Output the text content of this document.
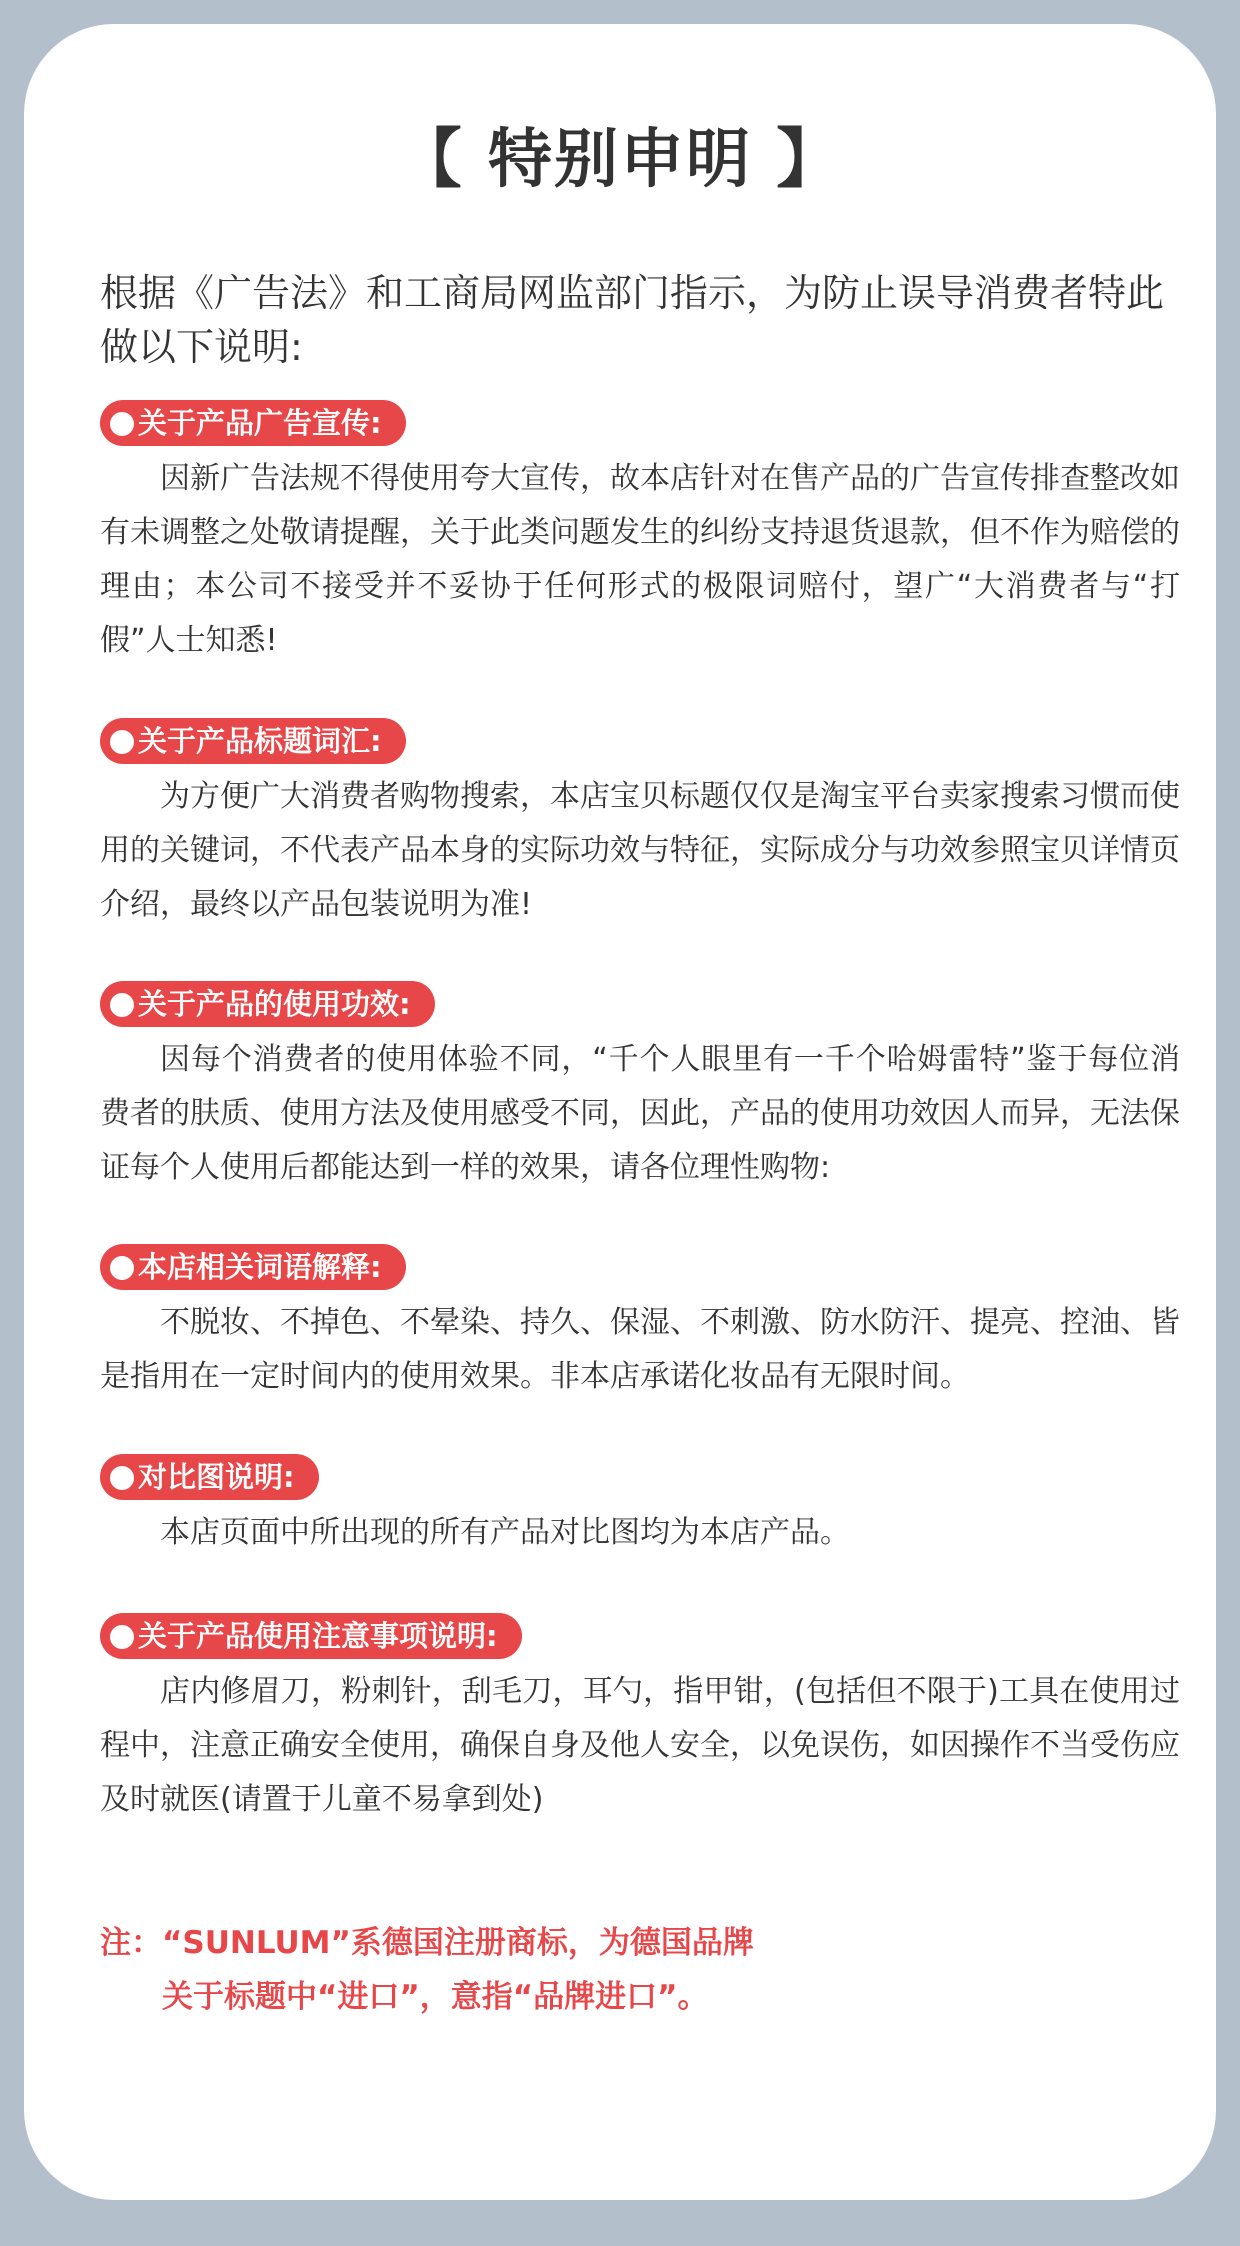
【 特别申明 】
根据《广告法》和工商局网监部门指示，为防止误导消费者特此做以下说明:
关于产品广告宣传:

因新广告法规不得使用夸大宣传，故本店针对在售产品的广告宣传排查整改如有未调整之处敬请提醒，关于此类问题发生的纠纷支持退货退款，但不作为赔偿的理由；本公司不接受并不妥协于任何形式的极限词赔付，望广“大消费者与“打假”人士知悉!

关于产品标题词汇:

为方便广大消费者购物搜索，本店宝贝标题仅仅是淘宝平台卖家搜索习惯而使用的关键词，不代表产品本身的实际功效与特征，实际成分与功效参照宝贝详情页介绍，最终以产品包装说明为准!

关于产品的使用功效:

因每个消费者的使用体验不同，“千个人眼里有一千个哈姆雷特”鉴于每位消费者的肤质、使用方法及使用感受不同，因此，产品的使用功效因人而异，无法保证每个人使用后都能达到一样的效果，请各位理性购物:

本店相关词语解释:

不脱妆、不掉色、不晕染、持久、保湿、不刺激、防水防汗、提亮、控油、皆是指用在一定时间内的使用效果。非本店承诺化妆品有无限时间。

对比图说明:

本店页面中所出现的所有产品对比图均为本店产品。

关于产品使用注意事项说明:

店内修眉刀，粉刺针，刮毛刀，耳勺，指甲钳，(包括但不限于)工具在使用过程中，注意正确安全使用，确保自身及他人安全，以免误伤，如因操作不当受伤应及时就医(请置于儿童不易拿到处)

注：“SUNLUM”系德国注册商标，为德国品牌
关于标题中“进口”，意指“品牌进口”。
